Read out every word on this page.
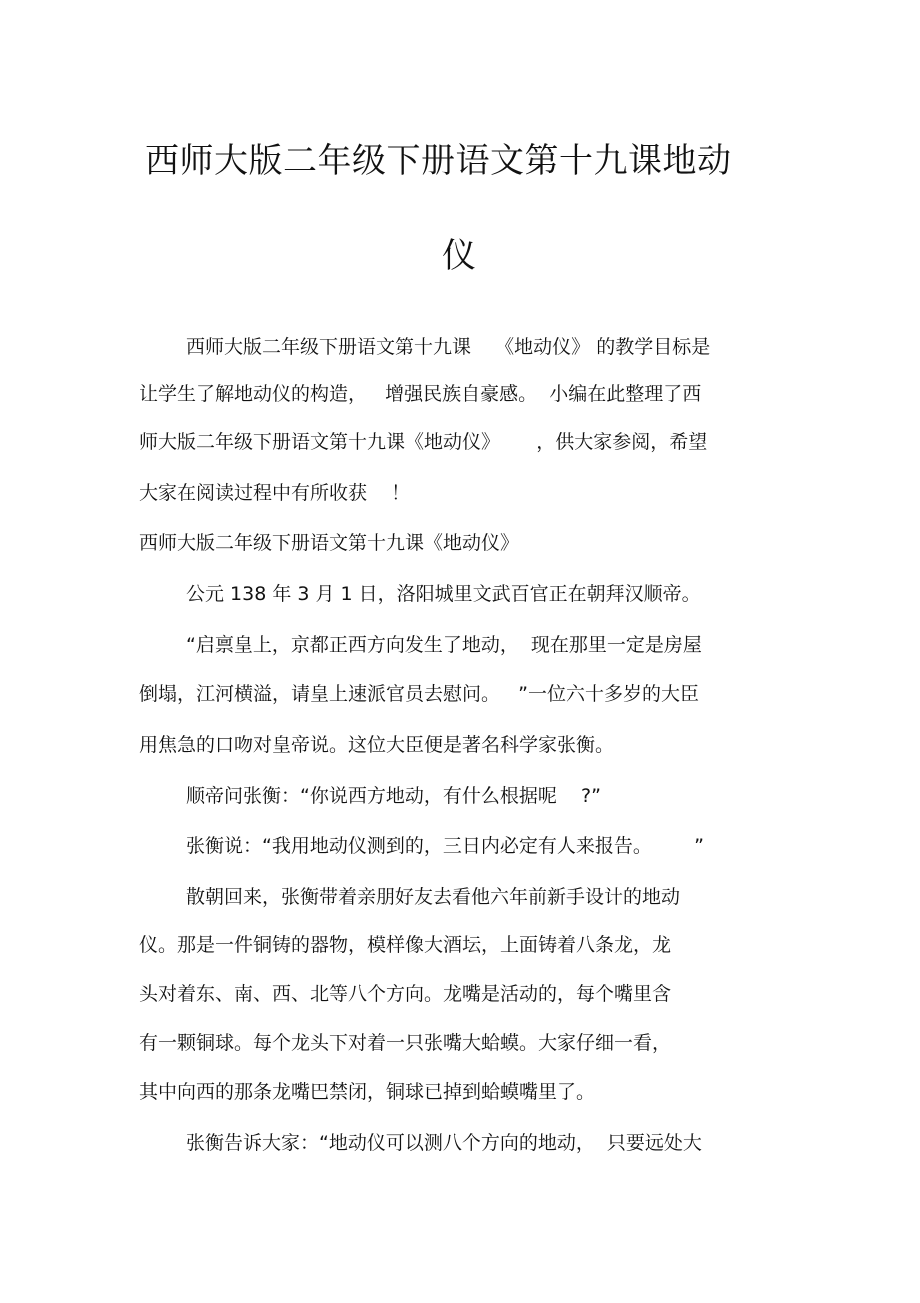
西师大版二年级下册语文第十九课地动
仪
西师大版二年级下册语文第十九课    《地动仪》 的教学目标是
让学生了解地动仪的构造，   增强民族自豪感。  小编在此整理了西
师大版二年级下册语文第十九课《地动仪》      ，供大家参阅，希望
大家在阅读过程中有所收获    ！
西师大版二年级下册语文第十九课《地动仪》
公元 138 年 3 月 1 日，洛阳城里文武百官正在朝拜汉顺帝。
“启禀皇上，京都正西方向发生了地动，  现在那里一定是房屋
倒塌，江河横溢，请皇上速派官员去慰问。   ”一位六十多岁的大臣
用焦急的口吻对皇帝说。这位大臣便是著名科学家张衡。
顺帝问张衡：“你说西方地动，有什么根据呢    ?”
张衡说：“我用地动仪测到的，三日内必定有人来报告。       ”
散朝回来，张衡带着亲朋好友去看他六年前新手设计的地动
仪。那是一件铜铸的器物，模样像大酒坛，上面铸着八条龙，龙
头对着东、南、西、北等八个方向。龙嘴是活动的，每个嘴里含
有一颗铜球。每个龙头下对着一只张嘴大蛤蟆。大家仔细一看，
其中向西的那条龙嘴巴禁闭，铜球已掉到蛤蟆嘴里了。
张衡告诉大家：“地动仪可以测八个方向的地动，  只要远处大
